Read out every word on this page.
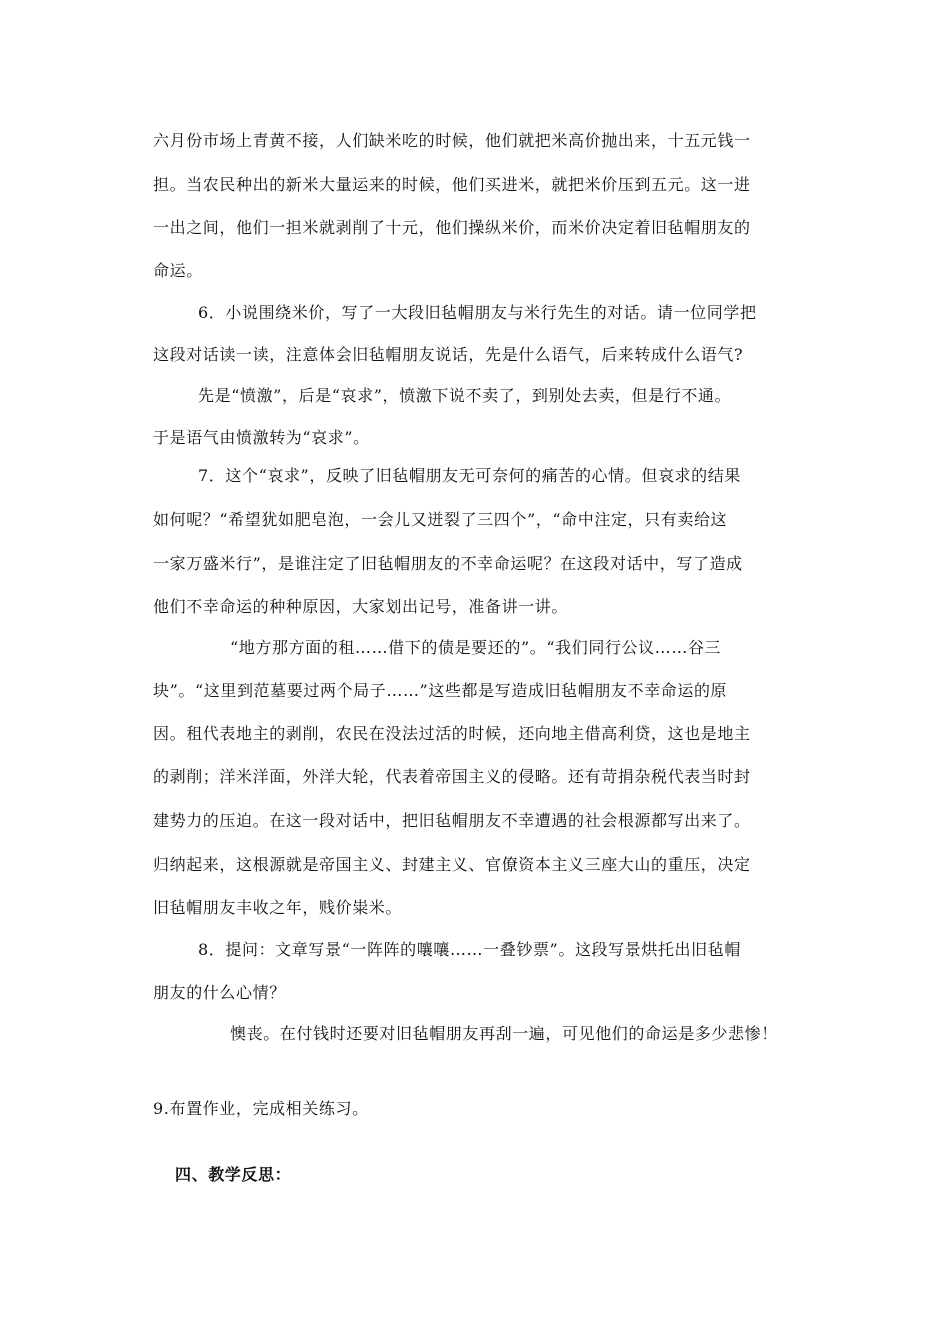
六月份市场上青黄不接，人们缺米吃的时候，他们就把米高价抛出来，十五元钱一
担。当农民种出的新米大量运来的时候，他们买进米，就把米价压到五元。这一进
一出之间，他们一担米就剥削了十元，他们操纵米价，而米价决定着旧毡帽朋友的
命运。
6．小说围绕米价，写了一大段旧毡帽朋友与米行先生的对话。请一位同学把
这段对话读一读，注意体会旧毡帽朋友说话，先是什么语气，后来转成什么语气?
先是“愤激”，后是“哀求”，愤激下说不卖了，到别处去卖，但是行不通。
于是语气由愤激转为“哀求”。
7．这个“哀求”，反映了旧毡帽朋友无可奈何的痛苦的心情。但哀求的结果
如何呢？“希望犹如肥皂泡，一会儿又迸裂了三四个”，“命中注定，只有卖给这
一家万盛米行”，是谁注定了旧毡帽朋友的不幸命运呢？在这段对话中，写了造成
他们不幸命运的种种原因，大家划出记号，准备讲一讲。
“地方那方面的租……借下的债是要还的”。“我们同行公议……谷三
块”。“这里到范墓要过两个局子……”这些都是写造成旧毡帽朋友不幸命运的原
因。租代表地主的剥削，农民在没法过活的时候，还向地主借高利贷，这也是地主
的剥削；洋米洋面，外洋大轮，代表着帝国主义的侵略。还有苛捐杂税代表当时封
建势力的压迫。在这一段对话中，把旧毡帽朋友不幸遭遇的社会根源都写出来了。
归纳起来，这根源就是帝国主义、封建主义、官僚资本主义三座大山的重压，决定
旧毡帽朋友丰收之年，贱价粜米。
8．提问：文章写景“一阵阵的嚷嚷……一叠钞票”。这段写景烘托出旧毡帽
朋友的什么心情？
懊丧。在付钱时还要对旧毡帽朋友再刮一遍，可见他们的命运是多少悲惨！
9.布置作业，完成相关练习。
四、教学反思：
